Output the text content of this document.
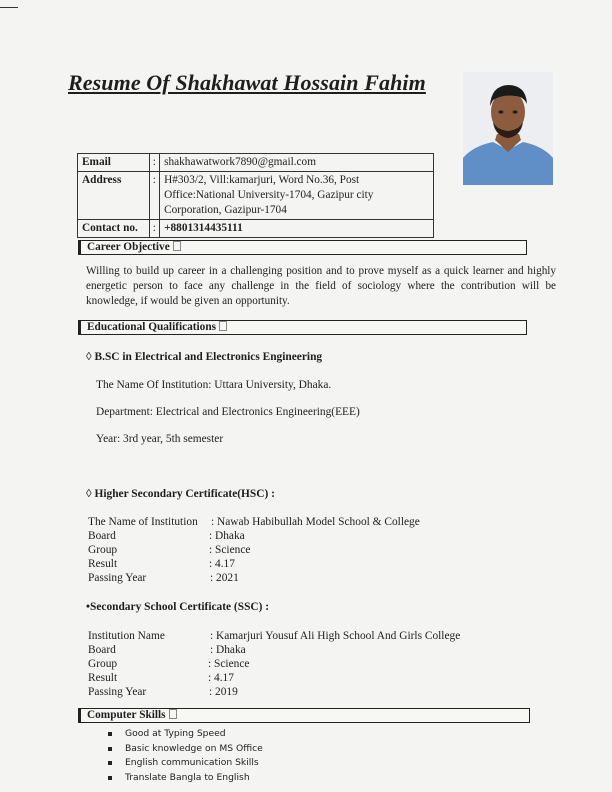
Resume Of Shakhawat Hossain Fahim
Email	:	shakhawatwork7890@gmail.com
Address	:	H#303/2, Vill:kamarjuri, Word No.36, Post Office:National University-1704, Gazipur city Corporation, Gazipur-1704
Contact no.	:	+8801314435111
Career Objective
Willing to build up career in a challenging position and to prove myself as a quick learner and highly energetic person to face any challenge in the field of sociology where the contribution will be knowledge, if would be given an opportunity.
Educational Qualifications
◊ B.SC in Electrical and Electronics Engineering
The Name Of Institution: Uttara University, Dhaka.
Department: Electrical and Electronics Engineering(EEE)
Year: 3rd year, 5th semester
◊ Higher Secondary Certificate(HSC) :
The Name of Institution : Nawab Habibullah Model School & College
Board	: Dhaka
Group	: Science
Result	: 4.17
Passing Year	: 2021
•Secondary School Certificate (SSC) :
Institution Name	: Kamarjuri Yousuf Ali High School And Girls College
Board	: Dhaka
Group	: Science
Result	: 4.17
Passing Year	: 2019
Computer Skills
Good at Typing Speed
Basic knowledge on MS Office
English communication Skills
Translate Bangla to English
